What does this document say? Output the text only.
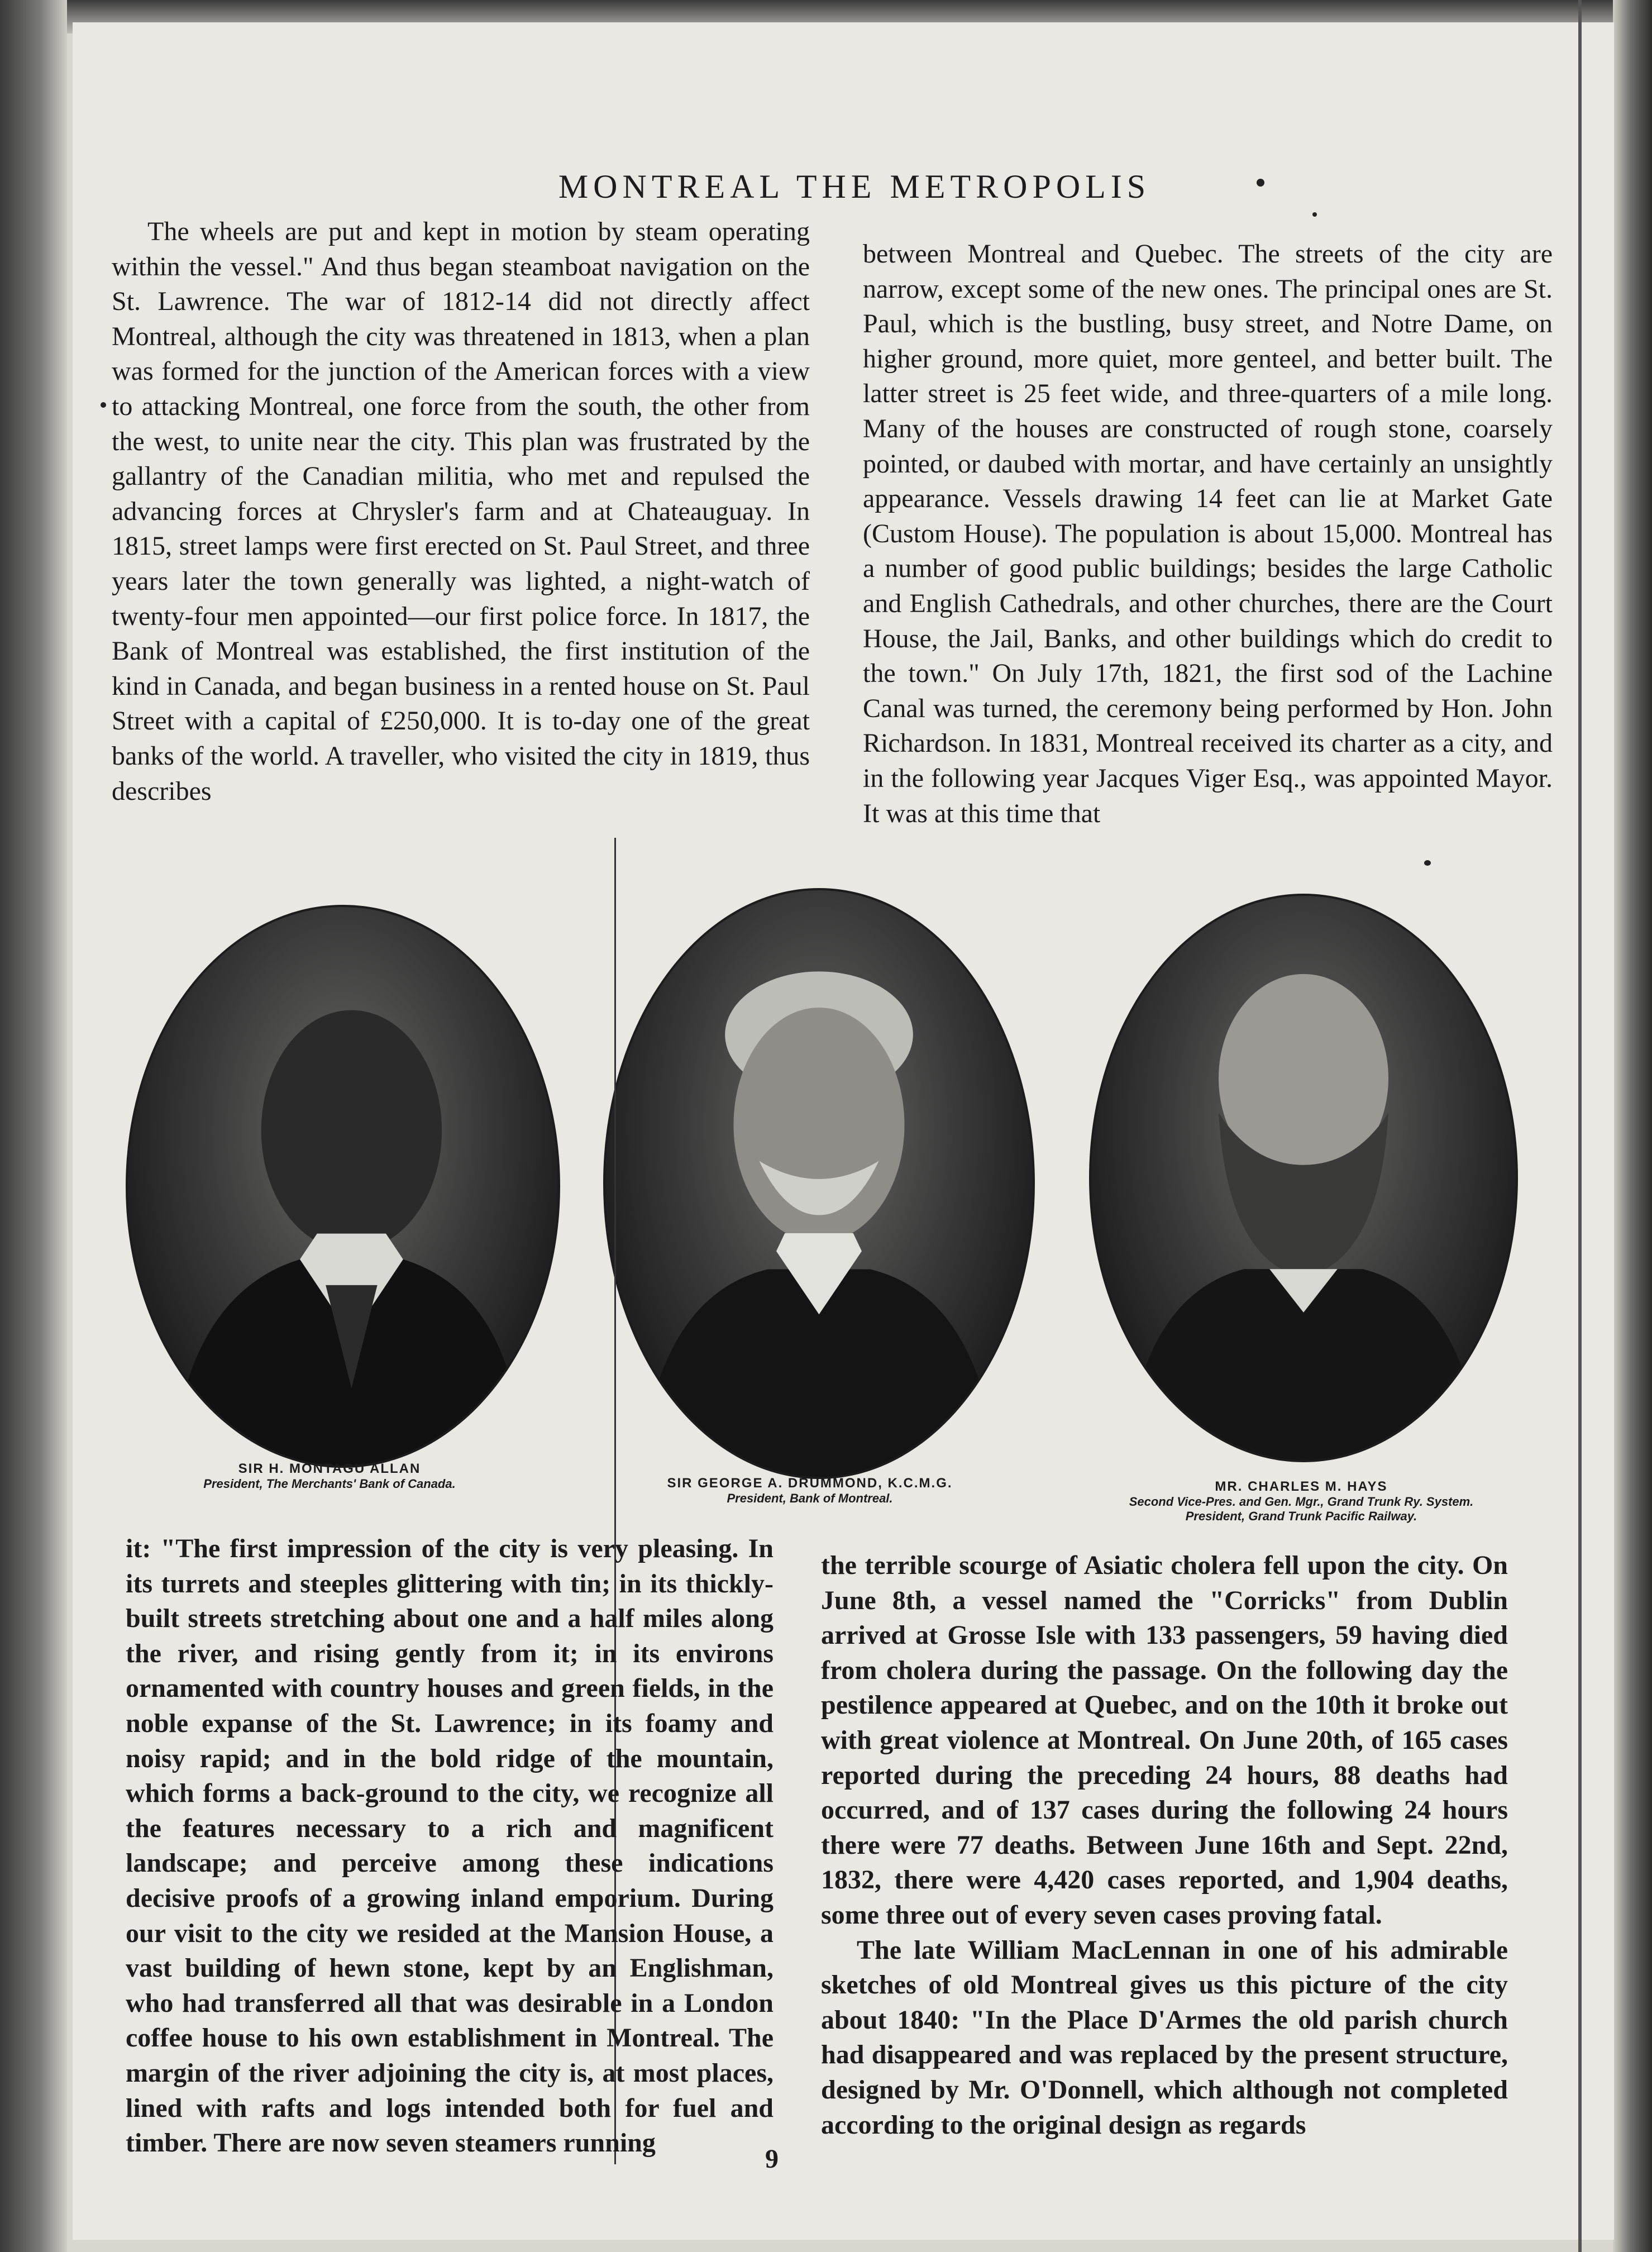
MONTREAL THE METROPOLIS

The wheels are put and kept in motion by steam operating within the vessel." And thus began steamboat navigation on the St. Lawrence. The war of 1812-14 did not directly affect Montreal, although the city was threatened in 1813, when a plan was formed for the junction of the American forces with a view to attacking Montreal, one force from the south, the other from the west, to unite near the city. This plan was frustrated by the gallantry of the Canadian militia, who met and repulsed the advancing forces at Chrysler's farm and at Chateauguay. In 1815, street lamps were first erected on St. Paul Street, and three years later the town generally was lighted, a night-watch of twenty-four men appointed—our first police force. In 1817, the Bank of Montreal was established, the first institution of the kind in Canada, and began business in a rented house on St. Paul Street with a capital of £250,000. It is to-day one of the great banks of the world. A traveller, who visited the city in 1819, thus describes

between Montreal and Quebec. The streets of the city are narrow, except some of the new ones. The principal ones are St. Paul, which is the bustling, busy street, and Notre Dame, on higher ground, more quiet, more genteel, and better built. The latter street is 25 feet wide, and three-quarters of a mile long. Many of the houses are constructed of rough stone, coarsely pointed, or daubed with mortar, and have certainly an unsightly appearance. Vessels drawing 14 feet can lie at Market Gate (Custom House). The population is about 15,000. Montreal has a number of good public buildings; besides the large Catholic and English Cathedrals, and other churches, there are the Court House, the Jail, Banks, and other buildings which do credit to the town." On July 17th, 1821, the first sod of the Lachine Canal was turned, the ceremony being performed by Hon. John Richardson. In 1831, Montreal received its charter as a city, and in the following year Jacques Viger Esq., was appointed Mayor. It was at this time that

SIR H. MONTAGU ALLAN
President, The Merchants' Bank of Canada.	SIR GEORGE A. DRUMMOND, K.C.M.G.
President, Bank of Montreal.
MR. CHARLES M. HAYS
Second Vice-Pres. and Gen. Mgr., Grand Trunk Ry. System.
President, Grand Trunk Pacific Railway.

it: "The first impression of the city is very pleasing. In its turrets and steeples glittering with tin; in its thickly-built streets stretching about one and a half miles along the river, and rising gently from it; in its environs ornamented with country houses and green fields, in the noble expanse of the St. Lawrence; in its foamy and noisy rapid; and in the bold ridge of the mountain, which forms a back-ground to the city, we recognize all the features necessary to a rich and magnificent landscape; and perceive among these indications decisive proofs of a growing inland emporium. During our visit to the city we resided at the Mansion House, a vast building of hewn stone, kept by an Englishman, who had transferred all that was desirable in a London coffee house to his own establishment in Montreal. The margin of the river adjoining the city is, at most places, lined with rafts and logs intended both for fuel and timber. There are now seven steamers running

the terrible scourge of Asiatic cholera fell upon the city. On June 8th, a vessel named the "Corricks" from Dublin arrived at Grosse Isle with 133 passengers, 59 having died from cholera during the passage. On the following day the pestilence appeared at Quebec, and on the 10th it broke out with great violence at Montreal. On June 20th, of 165 cases reported during the preceding 24 hours, 88 deaths had occurred, and of 137 cases during the following 24 hours there were 77 deaths. Between June 16th and Sept. 22nd, 1832, there were 4,420 cases reported, and 1,904 deaths, some three out of every seven cases proving fatal.

The late William MacLennan in one of his admirable sketches of old Montreal gives us this picture of the city about 1840: "In the Place D'Armes the old parish church had disappeared and was replaced by the present structure, designed by Mr. O'Donnell, which although not completed according to the original design as regards

9
